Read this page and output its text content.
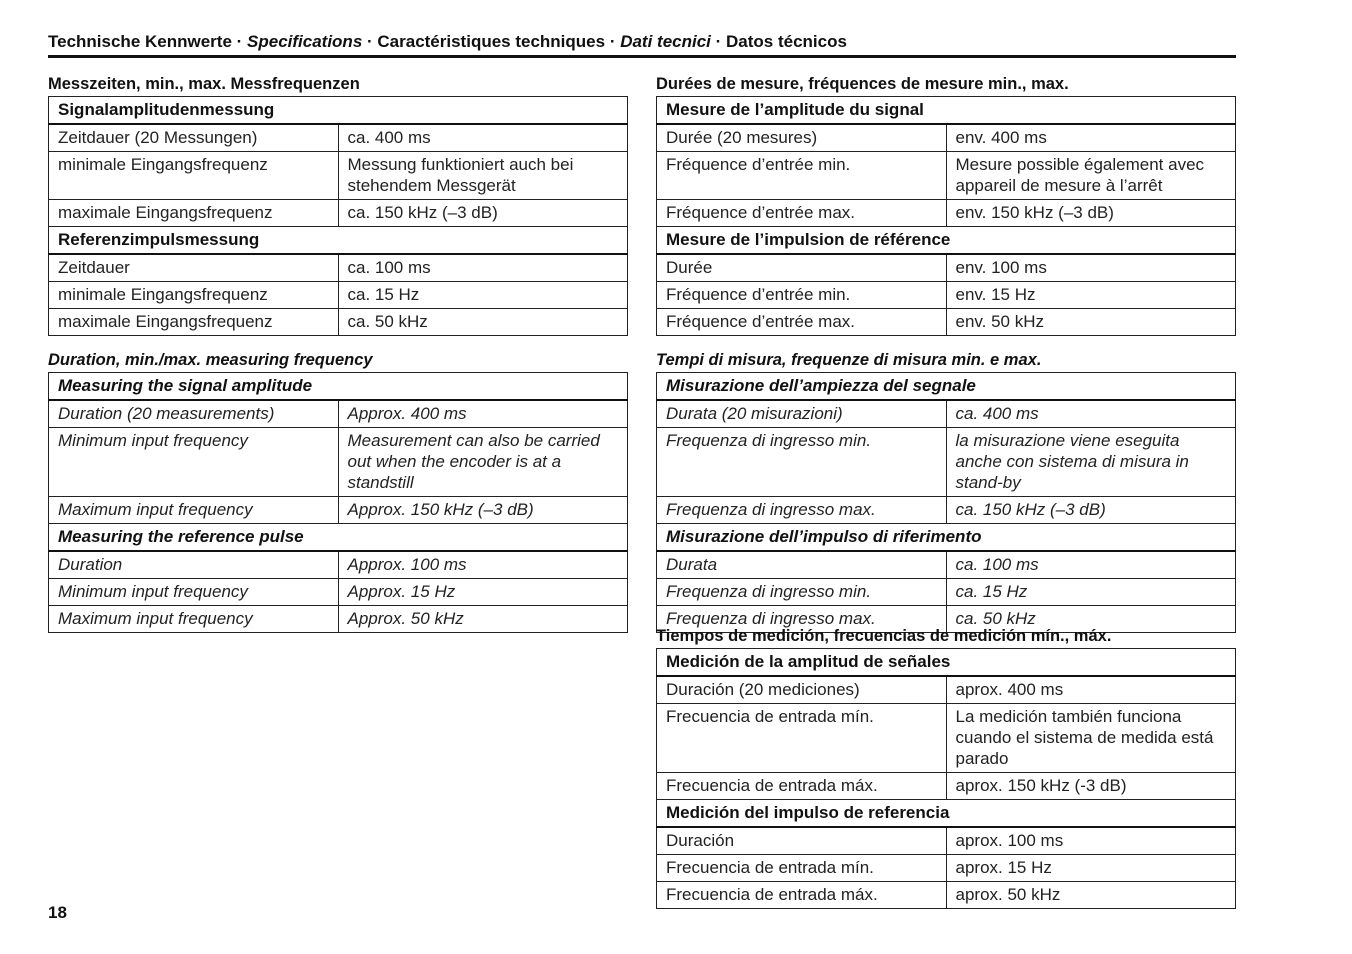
Technische Kennwerte · Specifications · Caractéristiques techniques · Dati tecnici · Datos técnicos
Messzeiten, min., max. Messfrequenzen
Signalamplitudenmessung	
Zeitdauer (20 Messungen)	ca. 400 ms
minimale Eingangsfrequenz	Messung funktioniert auch bei stehendem Messgerät
maximale Eingangsfrequenz	ca. 150 kHz (–3 dB)
Referenzimpulsmessung	
Zeitdauer	ca. 100 ms
minimale Eingangsfrequenz	ca. 15 Hz
maximale Eingangsfrequenz	ca. 50 kHz
Duration, min./max. measuring frequency
Measuring the signal amplitude	
Duration (20 measurements)	Approx. 400 ms
Minimum input frequency	Measurement can also be carried out when the encoder is at a standstill
Maximum input frequency	Approx. 150 kHz (–3 dB)
Measuring the reference pulse	
Duration	Approx. 100 ms
Minimum input frequency	Approx. 15 Hz
Maximum input frequency	Approx. 50 kHz
Durées de mesure, fréquences de mesure min., max.
Mesure de l’amplitude du signal	
Durée (20 mesures)	env. 400 ms
Fréquence d’entrée min.	Mesure possible également avec appareil de mesure à l’arrêt
Fréquence d’entrée max.	env. 150 kHz (–3 dB)
Mesure de l’impulsion de référence	
Durée	env. 100 ms
Fréquence d’entrée min.	env. 15 Hz
Fréquence d’entrée max.	env. 50 kHz
Tempi di misura, frequenze di misura min. e max.
Misurazione dell’ampiezza del segnale	
Durata (20 misurazioni)	ca. 400 ms
Frequenza di ingresso min.	la misurazione viene eseguita anche con sistema di misura in stand-by
Frequenza di ingresso max.	ca. 150 kHz (–3 dB)
Misurazione dell’impulso di riferimento	
Durata	ca. 100 ms
Frequenza di ingresso min.	ca. 15 Hz
Frequenza di ingresso max.	ca. 50 kHz
Tiempos de medición, frecuencias de medición mín., máx.
Medición de la amplitud de señales	
Duración (20 mediciones)	aprox. 400 ms
Frecuencia de entrada mín.	La medición también funciona cuando el sistema de medida está parado
Frecuencia de entrada máx.	aprox. 150 kHz (-3 dB)
Medición del impulso de referencia	
Duración	aprox. 100 ms
Frecuencia de entrada mín.	aprox. 15 Hz
Frecuencia de entrada máx.	aprox. 50 kHz
18
